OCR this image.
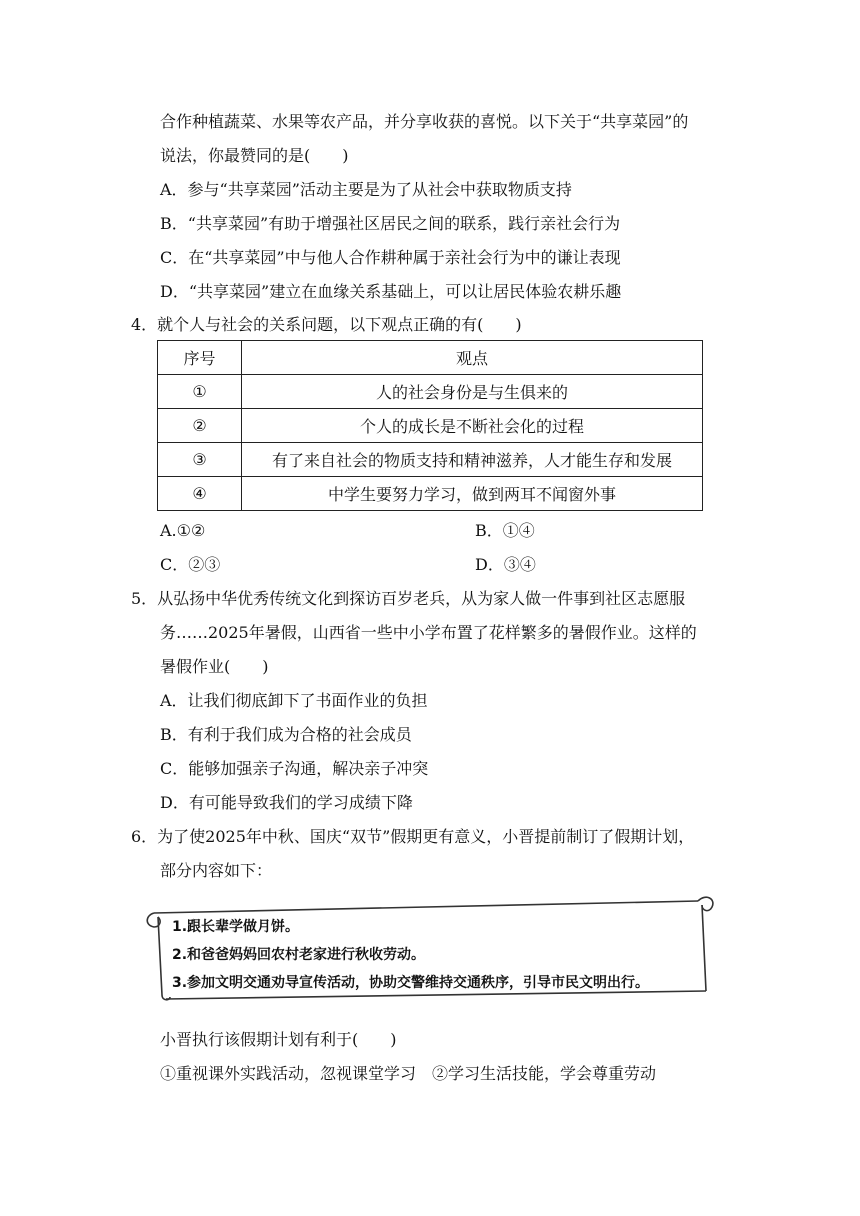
合作种植蔬菜、水果等农产品，并分享收获的喜悦。以下关于“共享菜园”的
说法，你最赞同的是(　　)
A．参与“共享菜园”活动主要是为了从社会中获取物质支持
B．“共享菜园”有助于增强社区居民之间的联系，践行亲社会行为
C．在“共享菜园”中与他人合作耕种属于亲社会行为中的谦让表现
D．“共享菜园”建立在血缘关系基础上，可以让居民体验农耕乐趣
4．就个人与社会的关系问题，以下观点正确的有(　　)
序号	观点
①	人的社会身份是与生俱来的
②	个人的成长是不断社会化的过程
③	有了来自社会的物质支持和精神滋养，人才能生存和发展
④	中学生要努力学习，做到两耳不闻窗外事
A.①②	B．①④
C．②③	D．③④
5．从弘扬中华优秀传统文化到探访百岁老兵，从为家人做一件事到社区志愿服
务……2025年暑假，山西省一些中小学布置了花样繁多的暑假作业。这样的
暑假作业(　　)
A．让我们彻底卸下了书面作业的负担
B．有利于我们成为合格的社会成员
C．能够加强亲子沟通，解决亲子冲突
D．有可能导致我们的学习成绩下降
6．为了使2025年中秋、国庆“双节”假期更有意义，小晋提前制订了假期计划，
部分内容如下：
1.跟长辈学做月饼。
2.和爸爸妈妈回农村老家进行秋收劳动。
3.参加文明交通劝导宣传活动，协助交警维持交通秩序，引导市民文明出行。
小晋执行该假期计划有利于(　　)
①重视课外实践活动，忽视课堂学习　②学习生活技能，学会尊重劳动
